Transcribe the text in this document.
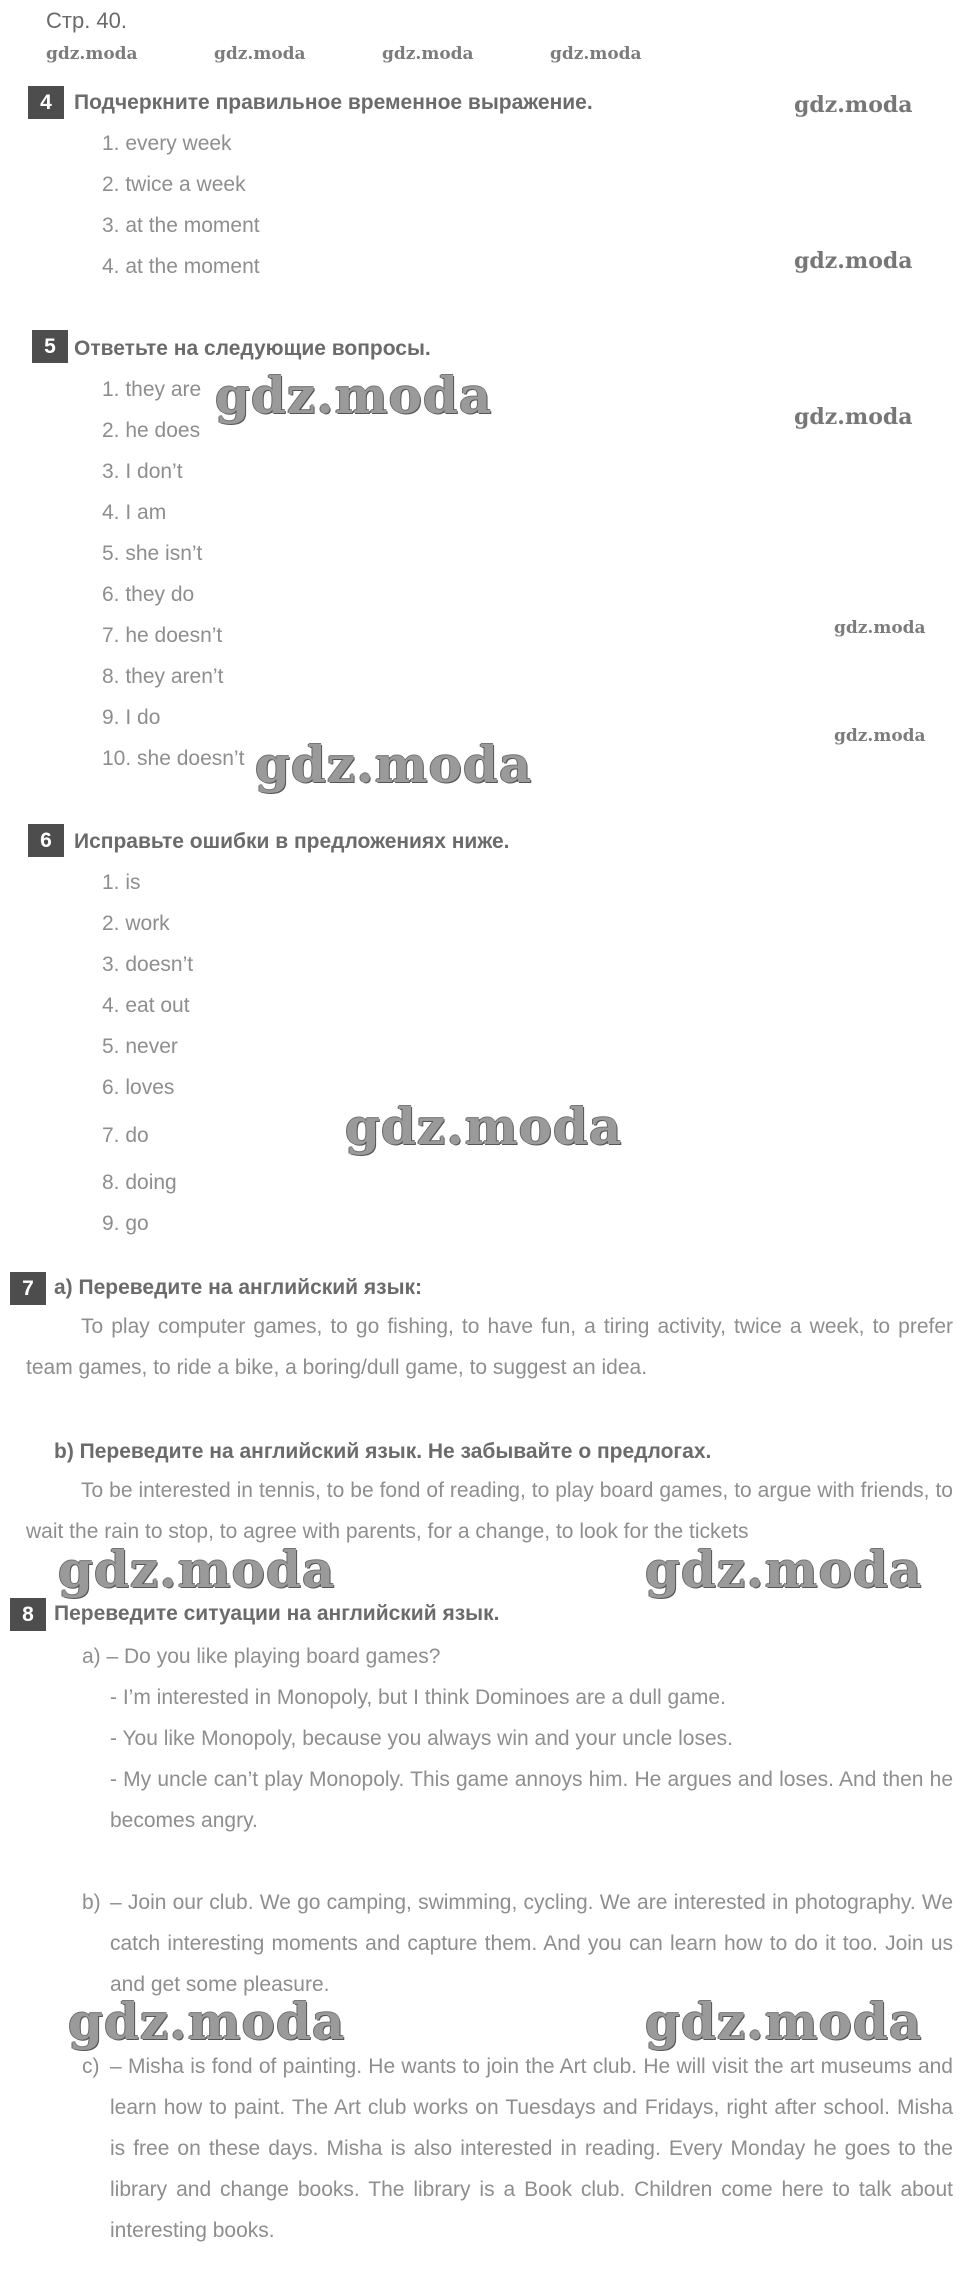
Стр. 40.
gdz.moda	gdz.moda	gdz.moda	gdz.moda
4	Подчеркните правильное временное выражение.	gdz.moda
1. every week
2. twice a week
3. at the moment
4. at the moment	gdz.moda
5 Ответьте на следующие вопросы.
1. they are gdz.moda	gdz.moda
2. he does
3. I don’t
4. I am
5. she isn’t
6. they do
7. he doesn’t	gdz.moda
8. they aren’t
9. I do
gdz.moda
10. she doesn’t gdz.moda
6	Исправьте ошибки в предложениях ниже.
1. is
2. work
3. doesn’t
4. eat out
5. never
6. loves
7. do	gdz.moda
8. doing
9. go
7 a) Переведите на английский язык:
To play computer games, to go fishing, to have fun, a tiring activity, twice a week, to prefer team games, to ride a bike, a boring/dull game, to suggest an idea.
b) Переведите на английский язык. Не забывайте о предлогах.
To be interested in tennis, to be fond of reading, to play board games, to argue with friends, to wait the rain to stop, to agree with parents, for a change, to look for the tickets
gdz.moda	gdz.moda
8 Переведите ситуации на английский язык.
a) – Do you like playing board games?
- I’m interested in Monopoly, but I think Dominoes are a dull game.
- You like Monopoly, because you always win and your uncle loses.
- My uncle can’t play Monopoly. This game annoys him. He argues and loses. And then he becomes angry.
b) – Join our club. We go camping, swimming, cycling. We are interested in photography. We catch interesting moments and capture them. And you can learn how to do it too. Join us and get some pleasure.
gdz.moda	gdz.moda
c) – Misha is fond of painting. He wants to join the Art club. He will visit the art museums and learn how to paint. The Art club works on Tuesdays and Fridays, right after school. Misha is free on these days. Misha is also interested in reading. Every Monday he goes to the library and change books. The library is a Book club. Children come here to talk about interesting books.
